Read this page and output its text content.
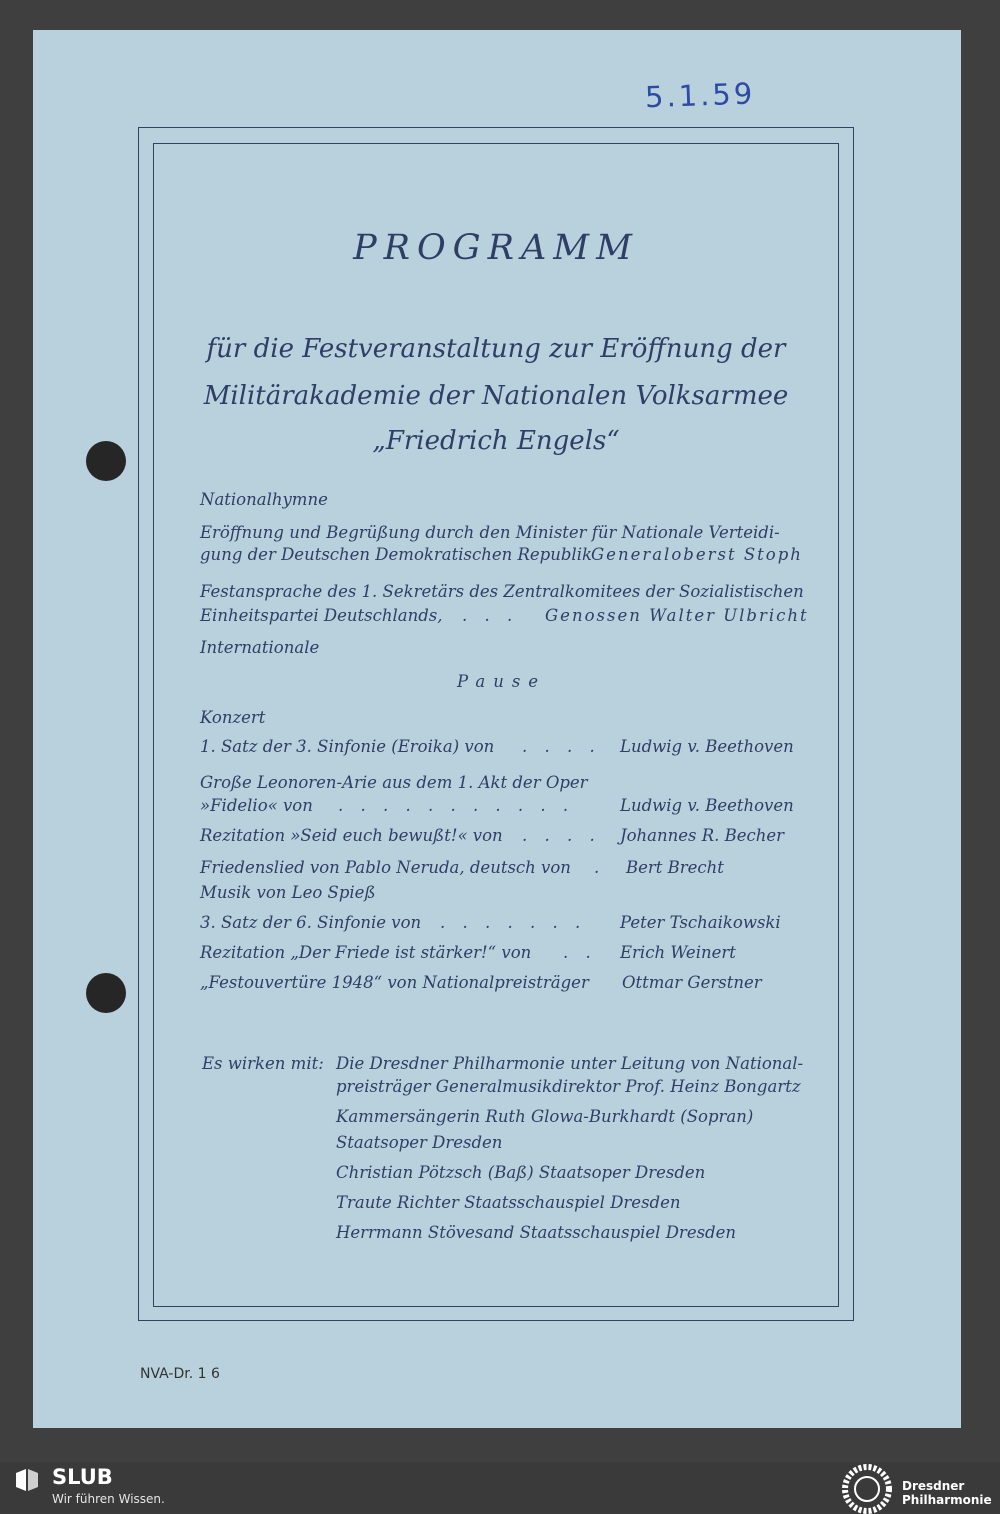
5.1.59
PROGRAMM
für die Festveranstaltung zur Eröffnung der
Militärakademie der Nationalen Volksarmee
„Friedrich Engels“
Nationalhymne
Eröffnung und Begrüßung durch den Minister für Nationale Verteidi-
gung der Deutschen Demokratischen Republik Generaloberst Stoph
Festansprache des 1. Sekretärs des Zentralkomitees der Sozialistischen
Einheitspartei Deutschlands, . . . Genossen Walter Ulbricht
Internationale
Pause
Konzert
1. Satz der 3. Sinfonie (Eroika) von . . . . Ludwig v. Beethoven
Große Leonoren-Arie aus dem 1. Akt der Oper
»Fidelio« von . . . . . . . . . . .	Ludwig v. Beethoven
Rezitation »Seid euch bewußt!« von . . . . Johannes R. Becher
Friedenslied von Pablo Neruda, deutsch von . Bert Brecht
Musik von Leo Spieß
3. Satz der 6. Sinfonie von . . . . . . . Peter Tschaikowski
Rezitation „Der Friede ist stärker!“ von . . Erich Weinert
„Festouvertüre 1948“ von Nationalpreisträger Ottmar Gerstner
Es wirken mit: Die Dresdner Philharmonie unter Leitung von National-
preisträger Generalmusikdirektor Prof. Heinz Bongartz
Kammersängerin Ruth Glowa-Burkhardt (Sopran)
Staatsoper Dresden
Christian Pötzsch (Baß) Staatsoper Dresden
Traute Richter Staatsschauspiel Dresden
Herrmann Stövesand Staatsschauspiel Dresden
NVA-Dr. 1 6
SLUB
Wir führen Wissen.
Dresdner
Philharmonie
